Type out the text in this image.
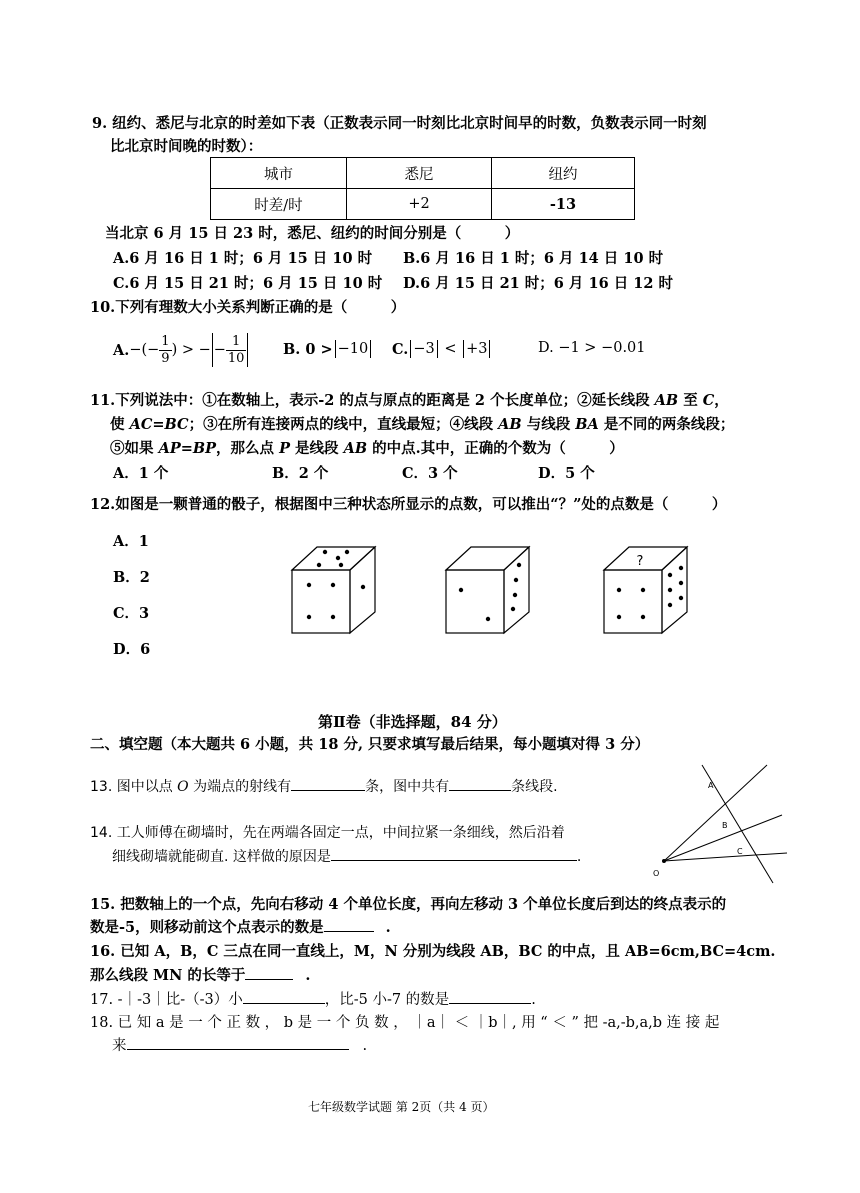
9. 纽约、悉尼与北京的时差如下表（正数表示同一时刻比北京时间早的时数，负数表示同一时刻
比北京时间晚的时数）：
城市	悉尼	纽约
时差/时	+2	-13
当北京 6 月 15 日 23 时，悉尼、纽约的时间分别是（　　　）
A.6 月 16 日 1 时；6 月 15 日 10 时 B.6 月 16 日 1 时；6 月 14 日 10 时
C.6 月 15 日 21 时；6 月 15 日 10 时 D.6 月 15 日 21 时；6 月 16 日 12 时
10.下列有理数大小关系判断正确的是（　　　）
A. −(− $\frac{1}{9}$ ) > − − $\frac{1}{10}$	B. 0 > −10 C. −3 < +3	D. −1 > −0.01
11.下列说法中：①在数轴上，表示-2 的点与原点的距离是 2 个长度单位；②延长线段 AB 至 C，
使 AC=BC；③在所有连接两点的线中，直线最短；④线段 AB 与线段 BA 是不同的两条线段；
⑤如果 AP=BP，那么点 P 是线段 AB 的中点.其中，正确的个数为（　　　）
A．1 个	B．2 个	C．3 个	D．5 个
12.如图是一颗普通的骰子，根据图中三种状态所显示的点数，可以推出“？”处的点数是（　　　）
A．1
B．2
C．3
D．6
?
第Ⅱ卷（非选择题，84 分）
二、填空题（本大题共 6 小题，共 18 分, 只要求填写最后结果，每小题填对得 3 分）
13. 图中以点 O 为端点的射线有	条，图中共有	条线段.
14. 工人师傅在砌墙时，先在两端各固定一点，中间拉紧一条细线，然后沿着
细线砌墙就能砌直. 这样做的原因是	.
A
B
C
O
15. 把数轴上的一个点，先向右移动 4 个单位长度，再向左移动 3 个单位长度后到达的终点表示的
数是-5，则移动前这个点表示的数是	.
16. 已知 A，B，C 三点在同一直线上，M，N 分别为线段 AB，BC 的中点，且 AB=6cm,BC=4cm.
那么线段 MN 的长等于	.
17. -｜-3｜比-（-3）小	，比-5 小-7 的数是	.
18. 已 知 a 是 一 个 正 数 ， b 是 一 个 负 数 ， ｜a｜ ＜ ｜b｜, 用 “ ＜ ” 把 -a,-b,a,b 连 接 起
来	.
七年级数学试题 第 2页（共 4 页）
